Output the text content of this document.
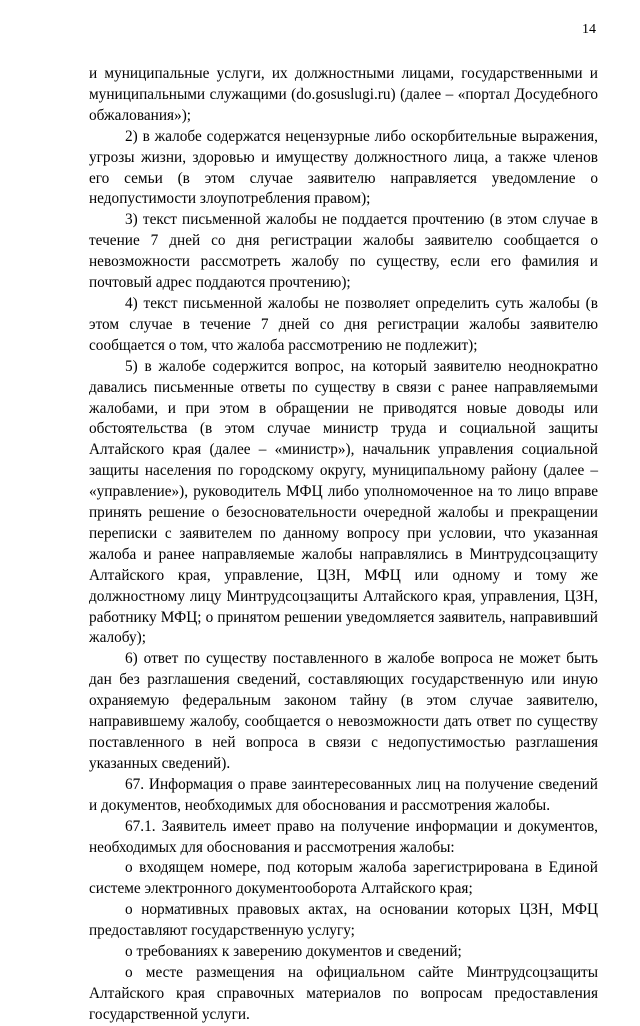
14

и муниципальные услуги, их должностными лицами, государственными и муниципальными служащими (do.gosuslugi.ru) (далее – «портал Досудебного обжалования»);

2) в жалобе содержатся нецензурные либо оскорбительные выражения, угрозы жизни, здоровью и имуществу должностного лица, а также членов его семьи (в этом случае заявителю направляется уведомление о недопустимости злоупотребления правом);

3) текст письменной жалобы не поддается прочтению (в этом случае в течение 7 дней со дня регистрации жалобы заявителю сообщается о невозможности рассмотреть жалобу по существу, если его фамилия и почтовый адрес поддаются прочтению);

4) текст письменной жалобы не позволяет определить суть жалобы (в этом случае в течение 7 дней со дня регистрации жалобы заявителю сообщается о том, что жалоба рассмотрению не подлежит);

5) в жалобе содержится вопрос, на который заявителю неоднократно давались письменные ответы по существу в связи с ранее направляемыми жалобами, и при этом в обращении не приводятся новые доводы или обстоятельства (в этом случае министр труда и социальной защиты Алтайского края (далее – «министр»), начальник управления социальной защиты населения по городскому округу, муниципальному району (далее – «управление»), руководитель МФЦ либо уполномоченное на то лицо вправе принять решение о безосновательности очередной жалобы и прекращении переписки с заявителем по данному вопросу при условии, что указанная жалоба и ранее направляемые жалобы направлялись в Минтрудсоцзащиту Алтайского края, управление, ЦЗН, МФЦ или одному и тому же должностному лицу Минтрудсоцзащиты Алтайского края, управления, ЦЗН, работнику МФЦ; о принятом решении уведомляется заявитель, направивший жалобу);

6) ответ по существу поставленного в жалобе вопроса не может быть дан без разглашения сведений, составляющих государственную или иную охраняемую федеральным законом тайну (в этом случае заявителю, направившему жалобу, сообщается о невозможности дать ответ по существу поставленного в ней вопроса в связи с недопустимостью разглашения указанных сведений).

67. Информация о праве заинтересованных лиц на получение сведений и документов, необходимых для обоснования и рассмотрения жалобы.

67.1. Заявитель имеет право на получение информации и документов, необходимых для обоснования и рассмотрения жалобы:

о входящем номере, под которым жалоба зарегистрирована в Единой системе электронного документооборота Алтайского края;

о нормативных правовых актах, на основании которых ЦЗН, МФЦ предоставляют государственную услугу;

о требованиях к заверению документов и сведений;

о месте размещения на официальном сайте Минтрудсоцзащиты Алтайского края справочных материалов по вопросам предоставления государственной услуги.
